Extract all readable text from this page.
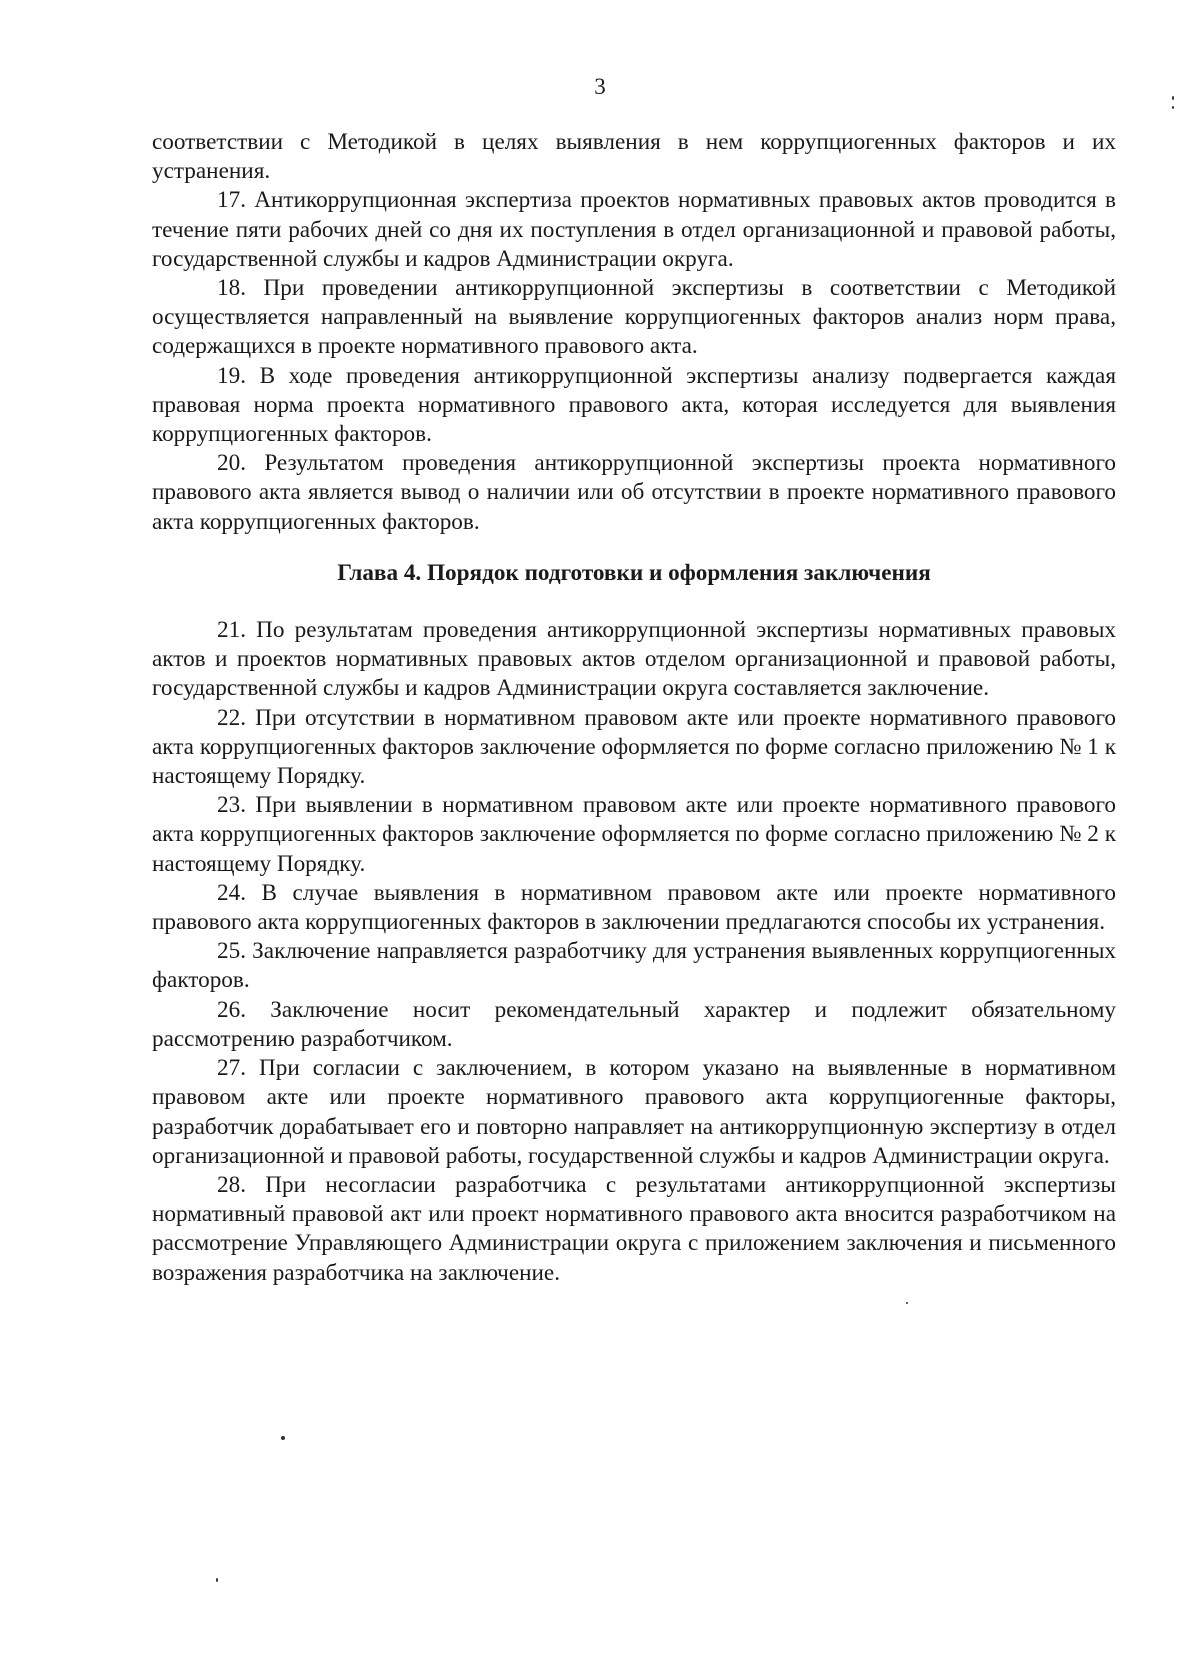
3

соответствии с Методикой в целях выявления в нем коррупциогенных факторов и их устранения.

17. Антикоррупционная экспертиза проектов нормативных правовых актов проводится в течение пяти рабочих дней со дня их поступления в отдел организационной и правовой работы, государственной службы и кадров Администрации округа.

18. При проведении антикоррупционной экспертизы в соответствии с Методикой осуществляется направленный на выявление коррупциогенных факторов анализ норм права, содержащихся в проекте нормативного правового акта.

19. В ходе проведения антикоррупционной экспертизы анализу подвергается каждая правовая норма проекта нормативного правового акта, которая исследуется для выявления коррупциогенных факторов.

20. Результатом проведения антикоррупционной экспертизы проекта нормативного правового акта является вывод о наличии или об отсутствии в проекте нормативного правового акта коррупциогенных факторов.

Глава 4. Порядок подготовки и оформления заключения

21. По результатам проведения антикоррупционной экспертизы нормативных правовых актов и проектов нормативных правовых актов отделом организационной и правовой работы, государственной службы и кадров Администрации округа составляется заключение.

22. При отсутствии в нормативном правовом акте или проекте нормативного правового акта коррупциогенных факторов заключение оформляется по форме согласно приложению № 1 к настоящему Порядку.

23. При выявлении в нормативном правовом акте или проекте нормативного правового акта коррупциогенных факторов заключение оформляется по форме согласно приложению № 2 к настоящему Порядку.

24. В случае выявления в нормативном правовом акте или проекте нормативного правового акта коррупциогенных факторов в заключении предлагаются способы их устранения.

25. Заключение направляется разработчику для устранения выявленных коррупциогенных факторов.

26. Заключение носит рекомендательный характер и подлежит обязательному рассмотрению разработчиком.

27. При согласии с заключением, в котором указано на выявленные в нормативном правовом акте или проекте нормативного правового акта коррупциогенные факторы, разработчик дорабатывает его и повторно направляет на антикоррупционную экспертизу в отдел организационной и правовой работы, государственной службы и кадров Администрации округа.

28. При несогласии разработчика с результатами антикоррупционной экспертизы нормативный правовой акт или проект нормативного правового акта вносится разработчиком на рассмотрение Управляющего Администрации округа с приложением заключения и письменного возражения разработчика на заключение.
